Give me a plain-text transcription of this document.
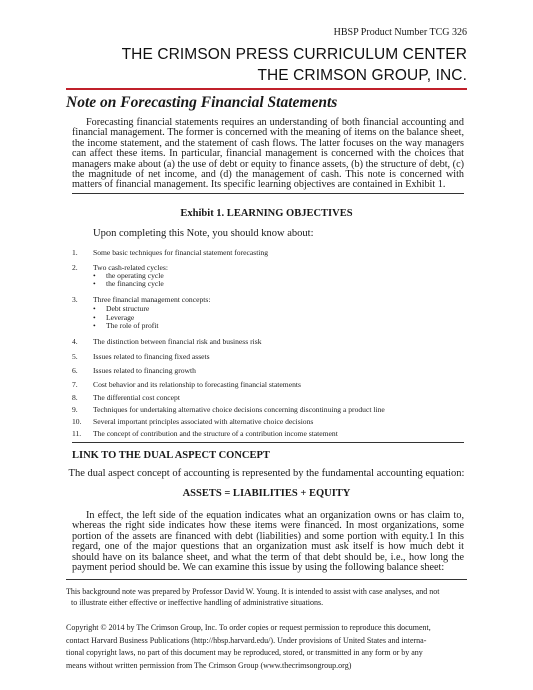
HBSP Product Number TCG 326
THE CRIMSON PRESS CURRICULUM CENTER
THE CRIMSON GROUP, INC.
Note on Forecasting Financial Statements

Forecasting financial statements requires an understanding of both financial accounting and financial management. The former is concerned with the meaning of items on the balance sheet, the income statement, and the statement of cash flows. The latter focuses on the way managers can affect these items. In particular, financial management is concerned with the choices that managers make about (a) the use of debt or equity to finance assets, (b) the structure of debt, (c) the magnitude of net income, and (d) the management of cash. This note is concerned with matters of financial management. Its specific learning objectives are contained in Exhibit 1.

Exhibit 1. LEARNING OBJECTIVES
Upon completing this Note, you should know about:
1.	Some basic techniques for financial statement forecasting
2.	Two cash-related cycles:
• the operating cycle
• the financing cycle
3.	Three financial management concepts:
• Debt structure
• Leverage
• The role of profit
4.	The distinction between financial risk and business risk
5.	Issues related to financing fixed assets
6.	Issues related to financing growth
7.	Cost behavior and its relationship to forecasting financial statements
8.	The differential cost concept
9.	Techniques for undertaking alternative choice decisions concerning discontinuing a product line
10.	Several important principles associated with alternative choice decisions
11.	The concept of contribution and the structure of a contribution income statement
LINK TO THE DUAL ASPECT CONCEPT
The dual aspect concept of accounting is represented by the fundamental accounting equation:
ASSETS = LIABILITIES + EQUITY

In effect, the left side of the equation indicates what an organization owns or has claim to, whereas the right side indicates how these items were financed. In most organizations, some portion of the assets are financed with debt (liabilities) and some portion with equity.1 In this regard, one of the major questions that an organization must ask itself is how much debt it should have on its balance sheet, and what the term of that debt should be, i.e., how long the payment period should be. We can examine this issue by using the following balance sheet:

This background note was prepared by Professor David W. Young. It is intended to assist with case analyses, and not
to illustrate either effective or ineffective handling of administrative situations.
Copyright © 2014 by The Crimson Group, Inc. To order copies or request permission to reproduce this document,
contact Harvard Business Publications (http://hbsp.harvard.edu/). Under provisions of United States and interna-
tional copyright laws, no part of this document may be reproduced, stored, or transmitted in any form or by any
means without written permission from The Crimson Group (www.thecrimsongroup.org)
